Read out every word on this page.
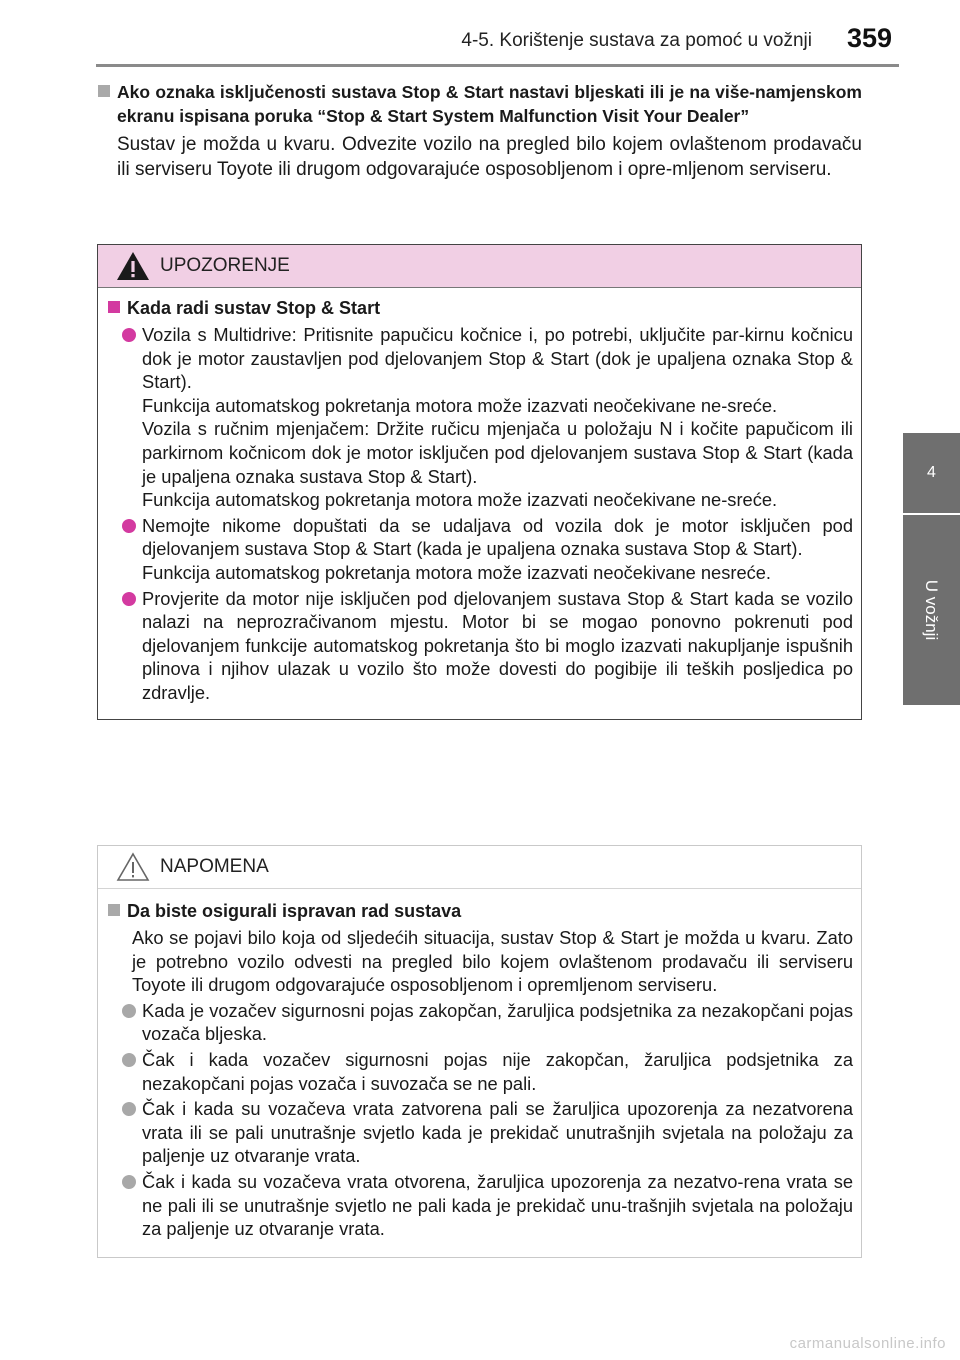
4-5. Korištenje sustava za pomoć u vožnji 359
4
U vožnji
Ako oznaka isključenosti sustava Stop & Start nastavi bljeskati ili je na više-namjenskom ekranu ispisana poruka “Stop & Start System Malfunction Visit Your Dealer”
Sustav je možda u kvaru. Odvezite vozilo na pregled bilo kojem ovlaštenom prodavaču ili serviseru Toyote ili drugom odgovarajuće osposobljenom i opre-mljenom serviseru.
UPOZORENJE
Kada radi sustav Stop & Start

Vozila s Multidrive: Pritisnite papučicu kočnice i, po potrebi, uključite par-kirnu kočnicu dok je motor zaustavljen pod djelovanjem Stop & Start (dok je upaljena oznaka Stop & Start).

Funkcija automatskog pokretanja motora može izazvati neočekivane ne-sreće.

Vozila s ručnim mjenjačem: Držite ručicu mjenjača u položaju N i kočite papučicom ili parkirnom kočnicom dok je motor isključen pod djelovanjem sustava Stop & Start (kada je upaljena oznaka sustava Stop & Start).

Funkcija automatskog pokretanja motora može izazvati neočekivane ne-sreće.

Nemojte nikome dopuštati da se udaljava od vozila dok je motor isključen pod djelovanjem sustava Stop & Start (kada je upaljena oznaka sustava Stop & Start).

Funkcija automatskog pokretanja motora može izazvati neočekivane nesreće.

Provjerite da motor nije isključen pod djelovanjem sustava Stop & Start kada se vozilo nalazi na neprozračivanom mjestu. Motor bi se mogao ponovno pokrenuti pod djelovanjem funkcije automatskog pokretanja što bi moglo izazvati nakupljanje ispušnih plinova i njihov ulazak u vozilo što može dovesti do pogibije ili teških posljedica po zdravlje.

NAPOMENA
Da biste osigurali ispravan rad sustava
Ako se pojavi bilo koja od sljedećih situacija, sustav Stop & Start je možda u kvaru. Zato je potrebno vozilo odvesti na pregled bilo kojem ovlaštenom prodavaču ili serviseru Toyote ili drugom odgovarajuće osposobljenom i opremljenom serviseru.

Kada je vozačev sigurnosni pojas zakopčan, žaruljica podsjetnika za nezakopčani pojas vozača bljeska.

Čak i kada vozačev sigurnosni pojas nije zakopčan, žaruljica podsjetnika za nezakopčani pojas vozača i suvozača se ne pali.

Čak i kada su vozačeva vrata zatvorena pali se žaruljica upozorenja za nezatvorena vrata ili se pali unutrašnje svjetlo kada je prekidač unutrašnjih svjetala na položaju za paljenje uz otvaranje vrata.

Čak i kada su vozačeva vrata otvorena, žaruljica upozorenja za nezatvo-rena vrata se ne pali ili se unutrašnje svjetlo ne pali kada je prekidač unu-trašnjih svjetala na položaju za paljenje uz otvaranje vrata.

carmanualsonline.info
